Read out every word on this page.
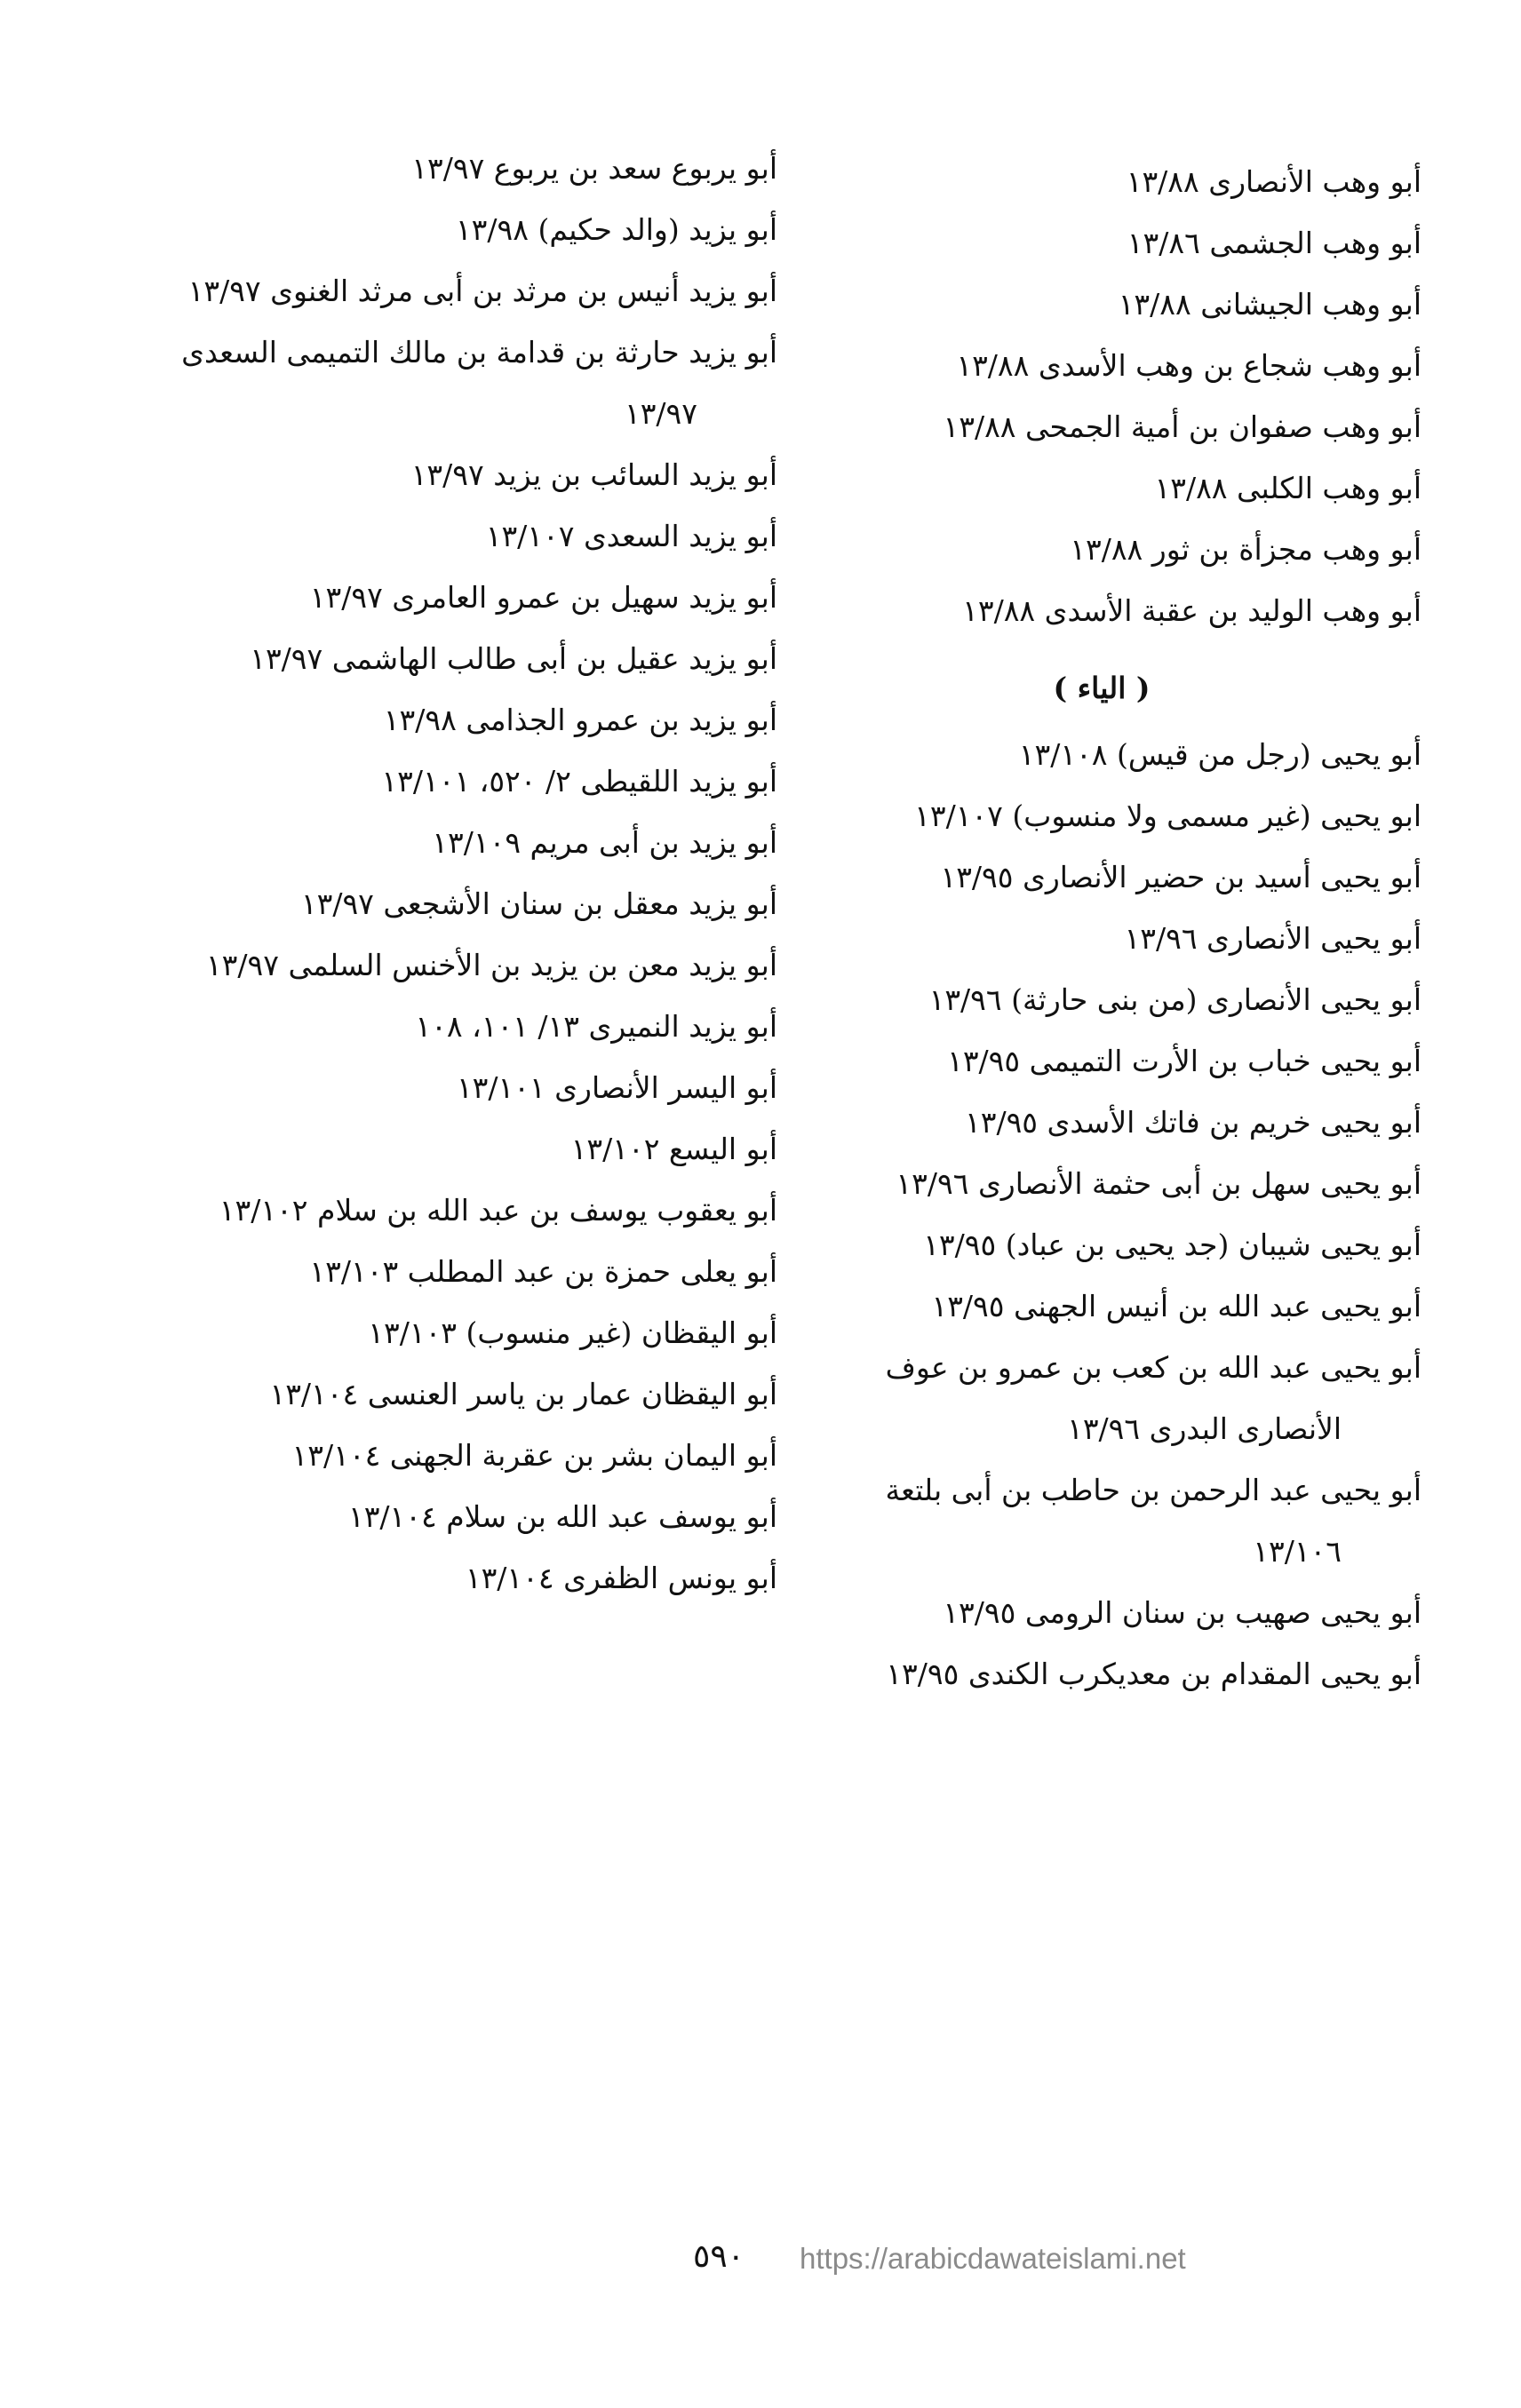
أبو وهب الأنصارى ١٣/٨٨
أبو وهب الجشمى ١٣/٨٦
أبو وهب الجيشانى ١٣/٨٨
أبو وهب شجاع بن وهب الأسدى ١٣/٨٨
أبو وهب صفوان بن أمية الجمحى ١٣/٨٨
أبو وهب الكلبى ١٣/٨٨
أبو وهب مجزأة بن ثور ١٣/٨٨
أبو وهب الوليد بن عقبة الأسدى ١٣/٨٨
( الياء )
أبو يحيى (رجل من قيس) ١٣/١٠٨
ابو يحيى (غير مسمى ولا منسوب) ١٣/١٠٧
أبو يحيى أسيد بن حضير الأنصارى ١٣/٩٥
أبو يحيى الأنصارى ١٣/٩٦
أبو يحيى الأنصارى (من بنى حارثة) ١٣/٩٦
أبو يحيى خباب بن الأرت التميمى ١٣/٩٥
أبو يحيى خريم بن فاتك الأسدى ١٣/٩٥
أبو يحيى سهل بن أبى حثمة الأنصارى ١٣/٩٦
أبو يحيى شيبان (جد يحيى بن عباد) ١٣/٩٥
أبو يحيى عبد الله بن أنيس الجهنى ١٣/٩٥
أبو يحيى عبد الله بن كعب بن عمرو بن عوف
الأنصارى البدرى ١٣/٩٦
أبو يحيى عبد الرحمن بن حاطب بن أبى بلتعة
١٣/١٠٦
أبو يحيى صهيب بن سنان الرومى ١٣/٩٥
أبو يحيى المقدام بن معديكرب الكندى ١٣/٩٥
أبو يربوع سعد بن يربوع ١٣/٩٧
أبو يزيد (والد حكيم) ١٣/٩٨
أبو يزيد أنيس بن مرثد بن أبى مرثد الغنوى ١٣/٩٧
أبو يزيد حارثة بن قدامة بن مالك التميمى السعدى
١٣/٩٧
أبو يزيد السائب بن يزيد ١٣/٩٧
أبو يزيد السعدى ١٣/١٠٧
أبو يزيد سهيل بن عمرو العامرى ١٣/٩٧
أبو يزيد عقيل بن أبى طالب الهاشمى ١٣/٩٧
أبو يزيد بن عمرو الجذامى ١٣/٩٨
أبو يزيد اللقيطى ٢/ ٥٢٠، ١٣/١٠١
أبو يزيد بن أبى مريم ١٣/١٠٩
أبو يزيد معقل بن سنان الأشجعى ١٣/٩٧
أبو يزيد معن بن يزيد بن الأخنس السلمى ١٣/٩٧
أبو يزيد النميرى ١٣/ ١٠١، ١٠٨
أبو اليسر الأنصارى ١٣/١٠١
أبو اليسع ١٣/١٠٢
أبو يعقوب يوسف بن عبد الله بن سلام ١٣/١٠٢
أبو يعلى حمزة بن عبد المطلب ١٣/١٠٣
أبو اليقظان (غير منسوب) ١٣/١٠٣
أبو اليقظان عمار بن ياسر العنسى ١٣/١٠٤
أبو اليمان بشر بن عقربة الجهنى ١٣/١٠٤
أبو يوسف عبد الله بن سلام ١٣/١٠٤
أبو يونس الظفرى ١٣/١٠٤
٥٩٠ https://arabicdawateislami.net
